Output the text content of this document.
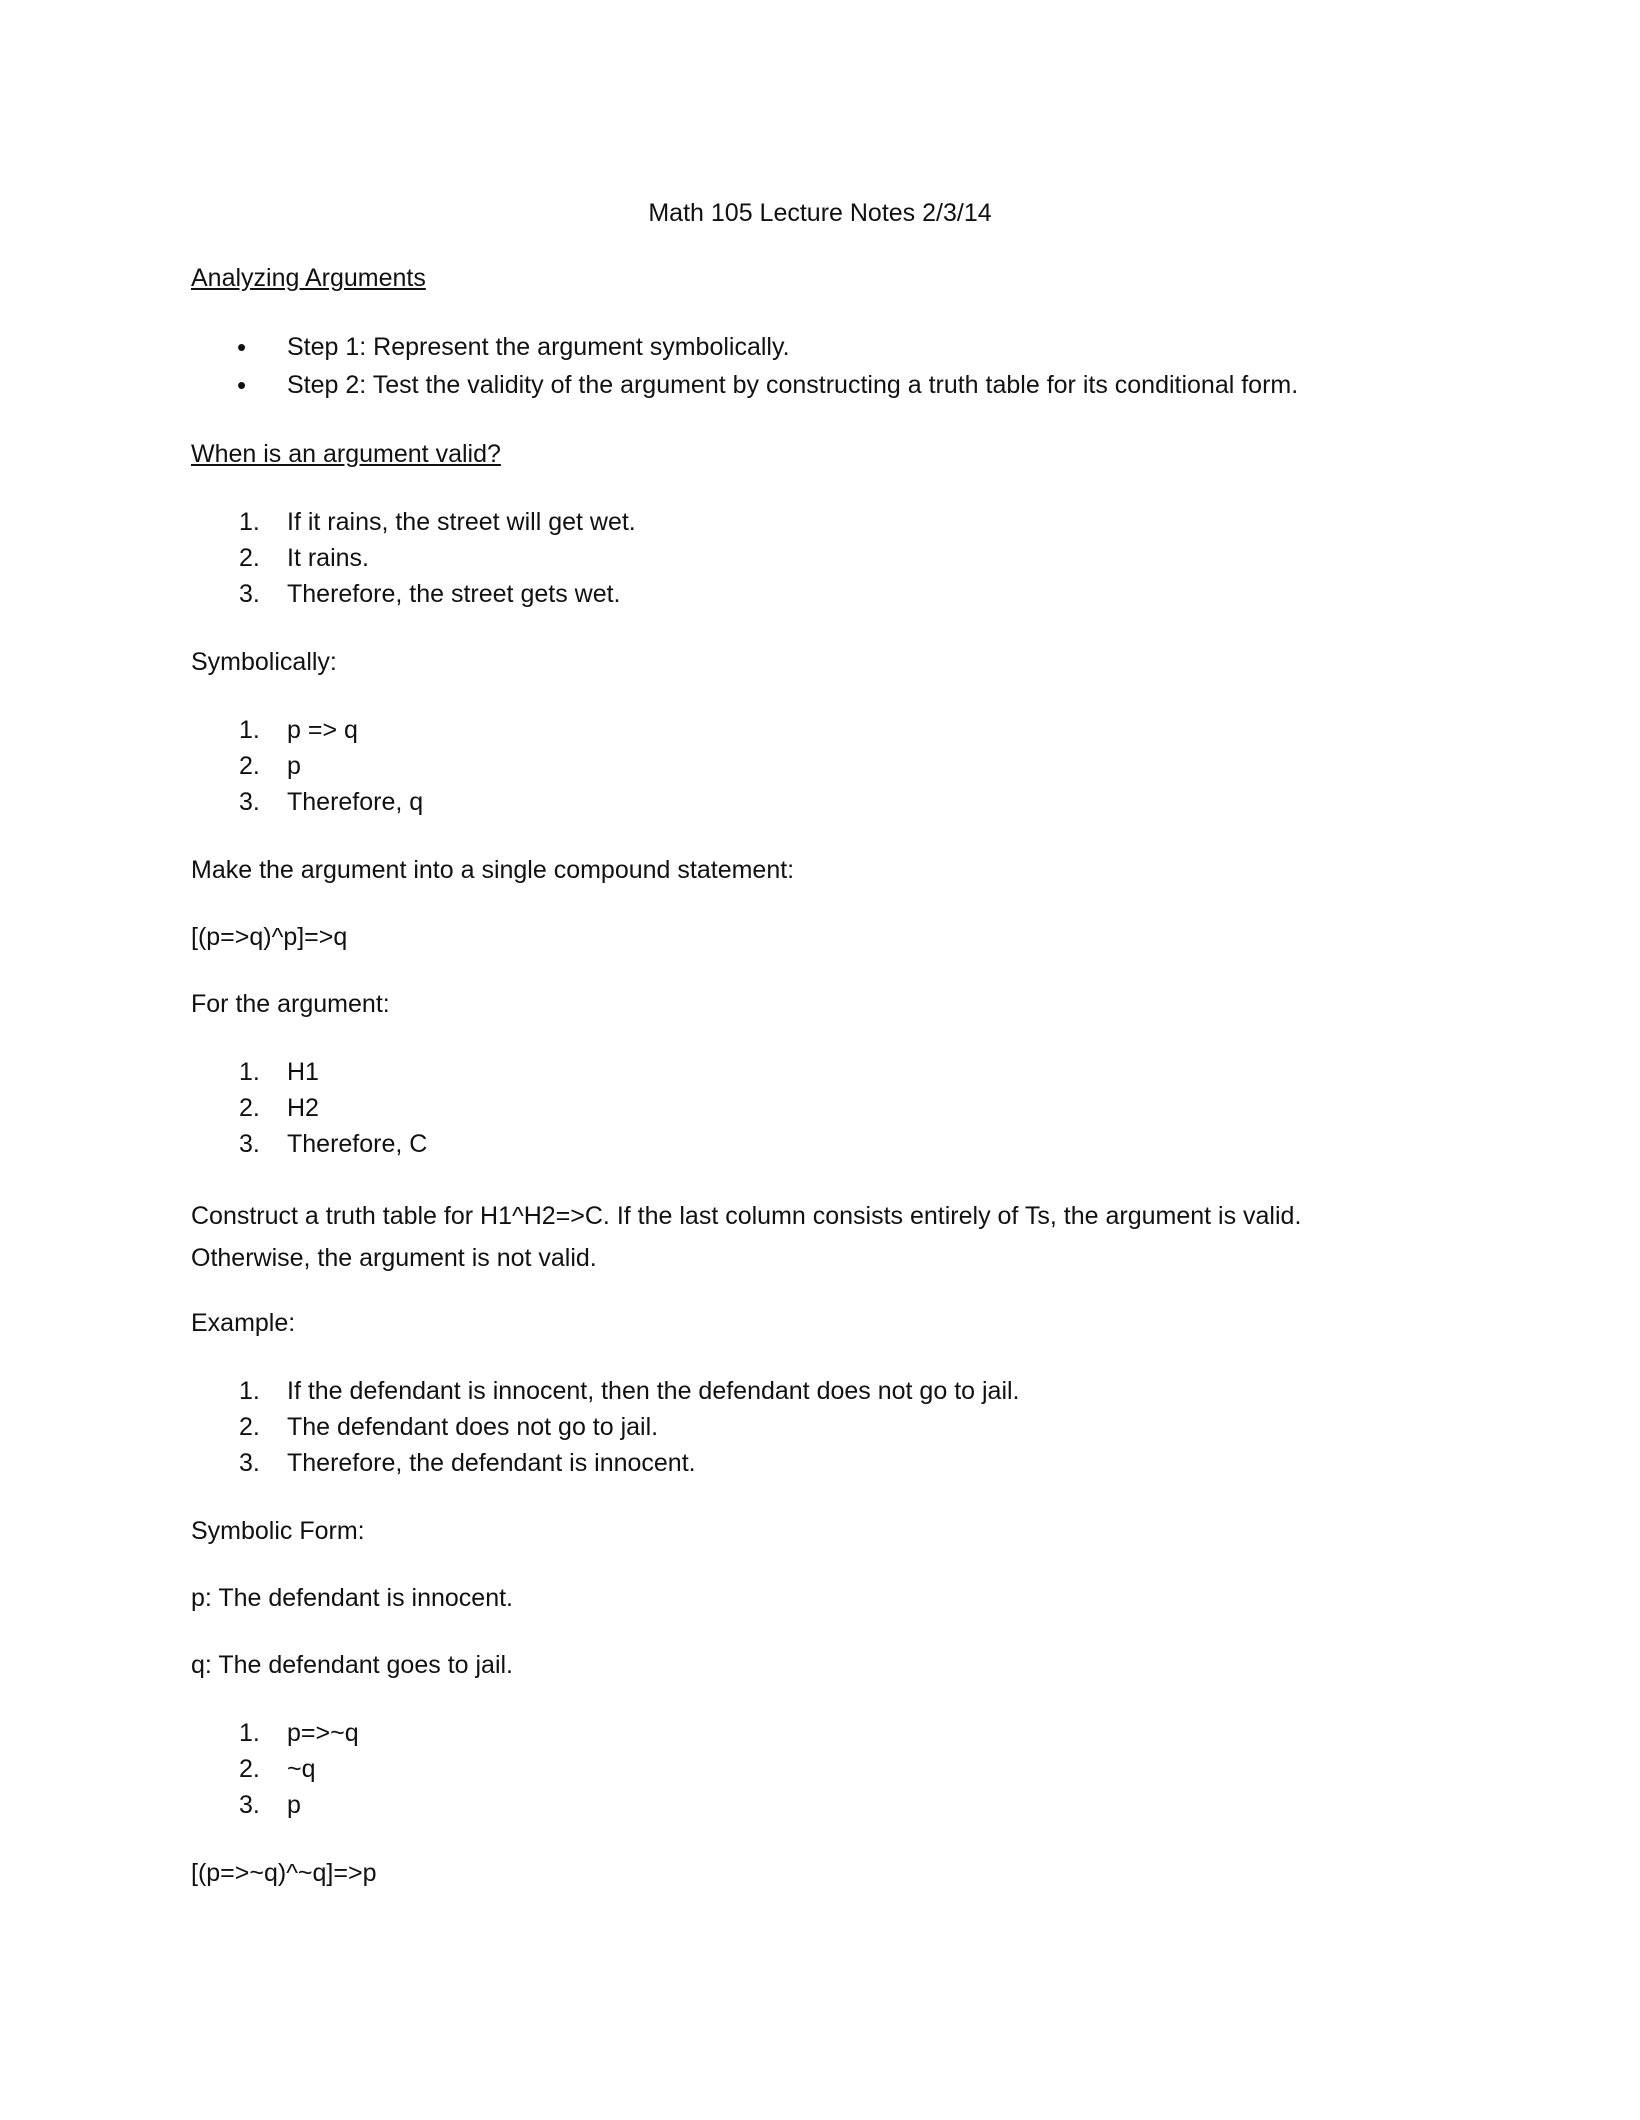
Math 105 Lecture Notes 2/3/14
Analyzing Arguments
• Step 1: Represent the argument symbolically.
• Step 2: Test the validity of the argument by constructing a truth table for its conditional form.
When is an argument valid?
1. If it rains, the street will get wet.
2. It rains.
3. Therefore, the street gets wet.
Symbolically:
1. p => q
2. p
3. Therefore, q
Make the argument into a single compound statement:
[(p=>q)^p]=>q
For the argument:
1. H1
2. H2
3. Therefore, C
Construct a truth table for H1^H2=>C. If the last column consists entirely of Ts, the argument is valid.
Otherwise, the argument is not valid.
Example:
1. If the defendant is innocent, then the defendant does not go to jail.
2. The defendant does not go to jail.
3. Therefore, the defendant is innocent.
Symbolic Form:
p: The defendant is innocent.
q: The defendant goes to jail.
1. p=>~q
2. ~q
3. p
[(p=>~q)^~q]=>p
